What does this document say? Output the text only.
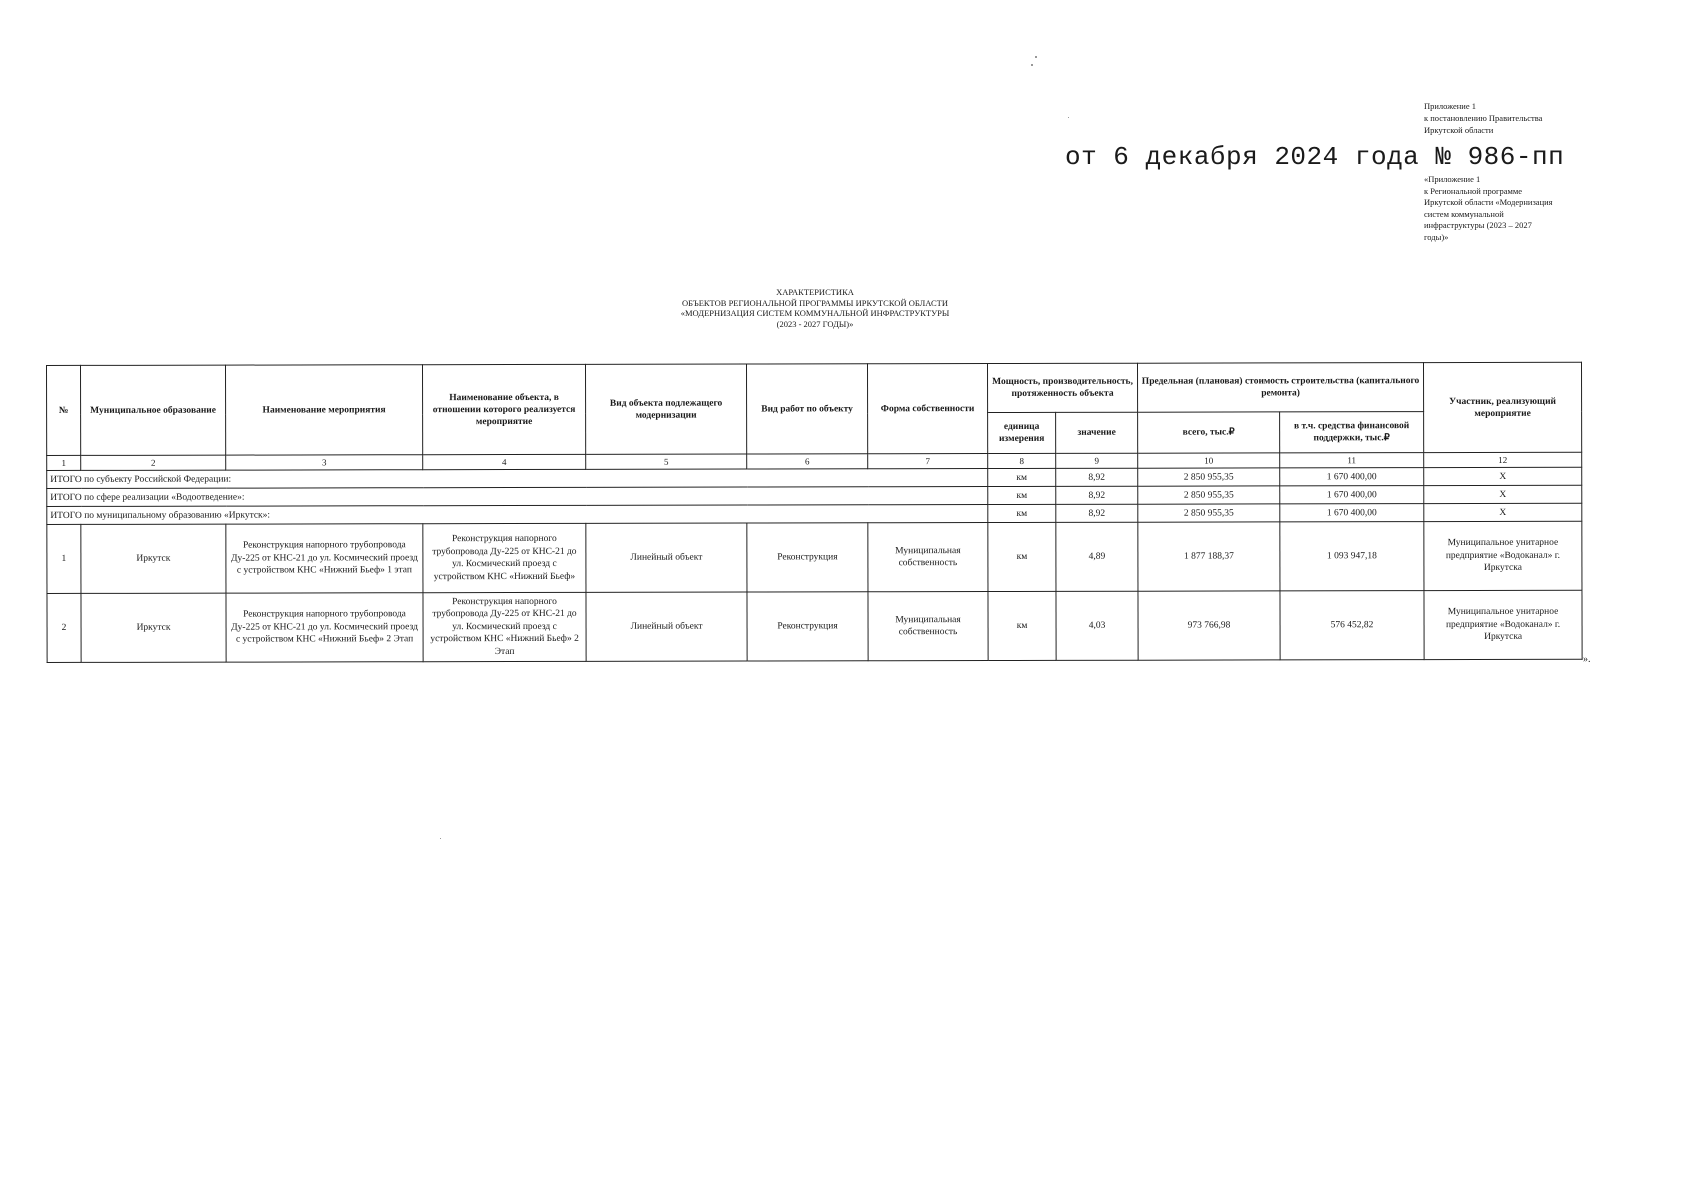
Приложение 1
к постановлению Правительства
Иркутской области
от 6 декабря 2024 года № 986-пп
«Приложение 1
к Региональной программе
Иркутской области «Модернизация
систем коммунальной
инфраструктуры (2023 – 2027
годы)»
ХАРАКТЕРИСТИКА
ОБЪЕКТОВ РЕГИОНАЛЬНОЙ ПРОГРАММЫ ИРКУТСКОЙ ОБЛАСТИ
«МОДЕРНИЗАЦИЯ СИСТЕМ КОММУНАЛЬНОЙ ИНФРАСТРУКТУРЫ
(2023 - 2027 ГОДЫ)»
№	Муниципальное образование	Наименование мероприятия	Наименование объекта, в отношении которого реализуется мероприятие	Вид объекта подлежащего модернизации	Вид работ по объекту	Форма собственности	Мощность, производительность, протяженность объекта		Предельная (плановая) стоимость строительства (капитального ремонта)		Участник, реализующий мероприятие
							единица измерения	значение	всего, тыс.₽	в т.ч. средства финансовой поддержки, тыс.₽	
1	2	3	4	5	6	7	8	9	10	11	12
ИТОГО по субъекту Российской Федерации:							км	8,92	2 850 955,35	1 670 400,00	X
ИТОГО по сфере реализации «Водоотведение»:							км	8,92	2 850 955,35	1 670 400,00	X
ИТОГО по муниципальному образованию «Иркутск»:							км	8,92	2 850 955,35	1 670 400,00	X
1	Иркутск	Реконструкция напорного трубопровода Ду-225 от КНС-21 до ул. Космический проезд с устройством КНС «Нижний Бьеф» 1 этап	Реконструкция напорного трубопровода Ду-225 от КНС-21 до ул. Космический проезд с устройством КНС «Нижний Бьеф»	Линейный объект	Реконструкция	Муниципальная собственность	км	4,89	1 877 188,37	1 093 947,18	Муниципальное унитарное предприятие «Водоканал» г. Иркутска
2	Иркутск	Реконструкция напорного трубопровода Ду-225 от КНС-21 до ул. Космический проезд с устройством КНС «Нижний Бьеф» 2 Этап	Реконструкция напорного трубопровода Ду-225 от КНС-21 до ул. Космический проезд с устройством КНС «Нижний Бьеф» 2 Этап	Линейный объект	Реконструкция	Муниципальная собственность	км	4,03	973 766,98	576 452,82	Муниципальное унитарное предприятие «Водоканал» г. Иркутска
».
